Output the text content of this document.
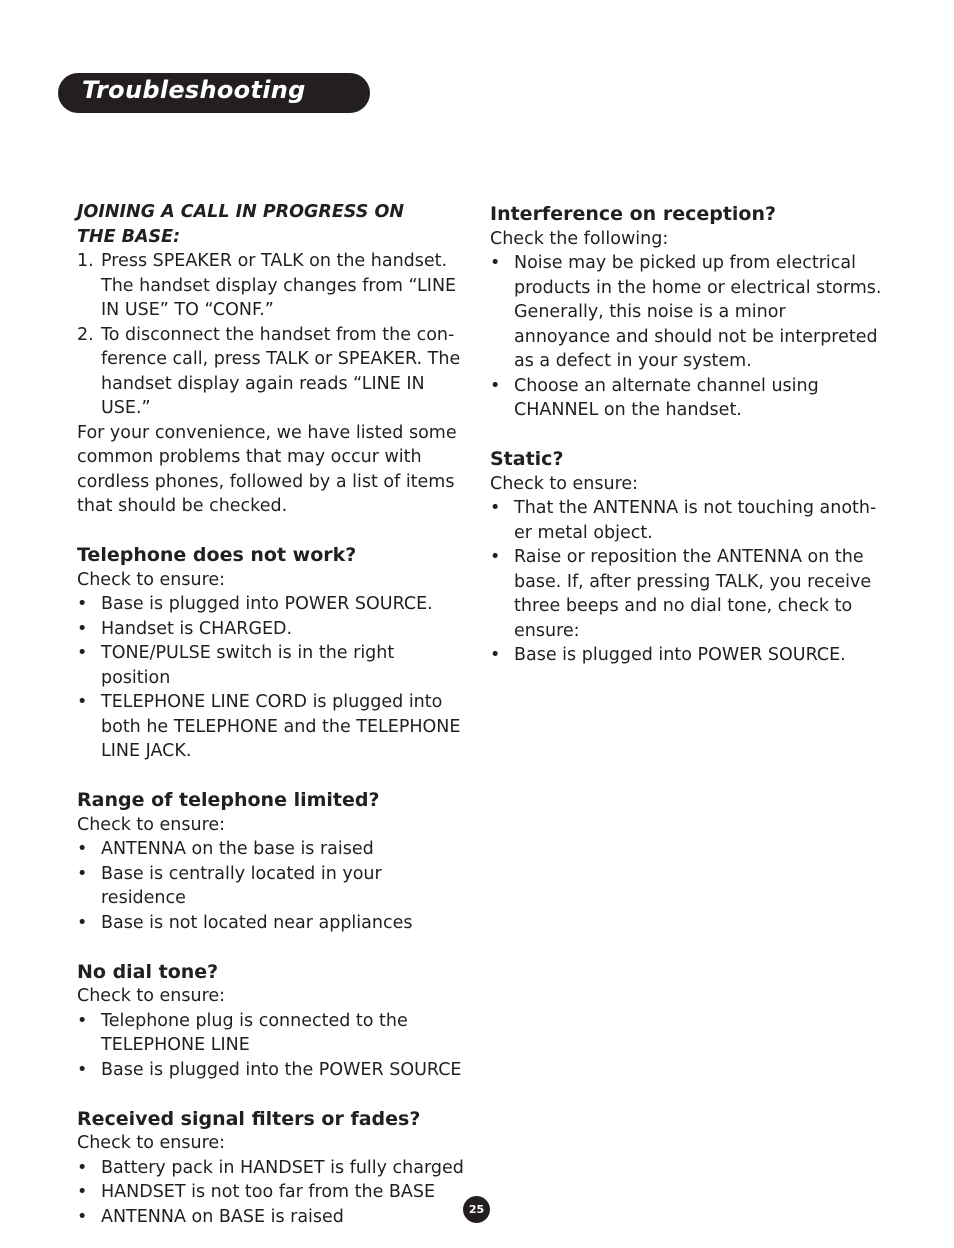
Troubleshooting

JOINING A CALL IN PROGRESS ON
THE BASE:

1. Press SPEAKER or TALK on the handset. The handset display changes from “LINE IN USE” TO “CONF.”
2. To disconnect the handset from the con- ference call, press TALK or SPEAKER. The handset display again reads “LINE IN USE.”

For your convenience, we have listed some common problems that may occur with cordless phones, followed by a list of items that should be checked.

Telephone does not work?

Check to ensure:

• Base is plugged into POWER SOURCE.
• Handset is CHARGED.
• TONE/PULSE switch is in the right position
• TELEPHONE LINE CORD is plugged into both he TELEPHONE and the TELEPHONE LINE JACK.
Range of telephone limited?

Check to ensure:

• ANTENNA on the base is raised
• Base is centrally located in your residence
• Base is not located near appliances
No dial tone?

Check to ensure:

• Telephone plug is connected to the TELEPHONE LINE
• Base is plugged into the POWER SOURCE
Received signal filters or fades?

Check to ensure:

• Battery pack in HANDSET is fully charged
• HANDSET is not too far from the BASE
• ANTENNA on BASE is raised
Interference on reception?

Check the following:

• Noise may be picked up from electrical products in the home or electrical storms. Generally, this noise is a minor annoyance and should not be interpreted as a defect in your system.
• Choose an alternate channel using CHANNEL on the handset.
Static?

Check to ensure:

• That the ANTENNA is not touching anoth- er metal object.
• Raise or reposition the ANTENNA on the base. If, after pressing TALK, you receive three beeps and no dial tone, check to ensure:
• Base is plugged into POWER SOURCE.
25
